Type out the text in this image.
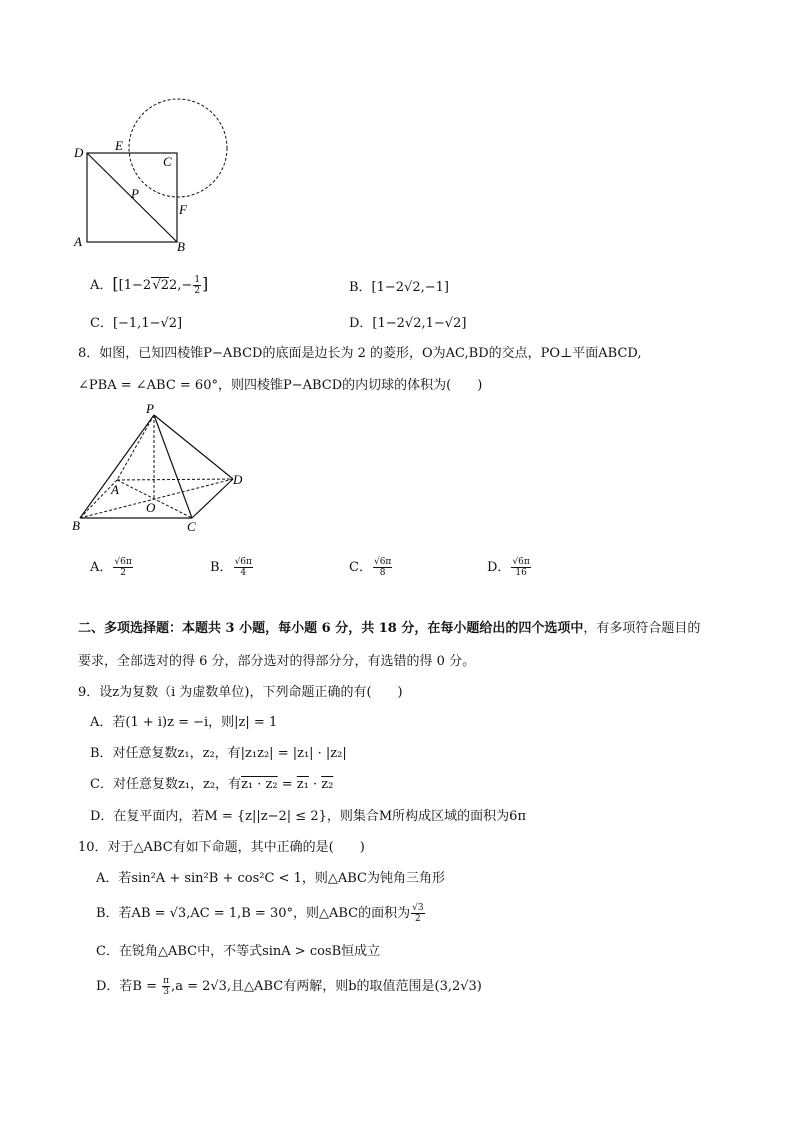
D E
C
P
F
A	B
A．[[1−2 $√22,- \frac{1}{2}$ ]	B．[1−2√2,−1]
C．[−1,1−√2]	D．[1−2√2,1−√2]
8．如图，已知四棱锥P−ABCD的底面是边长为 2 的菱形，O为AC,BD的交点，PO⊥平面ABCD,
∠PBA = ∠ABC = 60°，则四棱锥P−ABCD的内切球的体积为(　　)
P
A
D
O
B	C
A． $\frac{√6\pi}{2}$	B． $\frac{√6\pi}{4}$	C． $\frac{√6\pi}{8}$	D． $\frac{√6\pi}{16}$
二、多项选择题：本题共 3 小题，每小题 6 分，共 18 分，在每小题给出的四个选项中，有多项符合题目的
要求，全部选对的得 6 分，部分选对的得部分分，有选错的得 0 分。
9．设z为复数（i 为虚数单位)，下列命题正确的有(　　)
A．若(1 + i)z = −i，则|z| = 1
B．对任意复数z₁，z₂，有|z₁z₂| = |z₁| · |z₂|
C．对任意复数z₁，z₂，有z₁ · z₂ = z₁ · z₂
D．在复平面内，若M = {z||z−2| ≤ 2}，则集合M所构成区域的面积为6π
10．对于△ABC有如下命题，其中正确的是(　　)
A．若sin²A + sin²B + cos²C < 1，则△ABC为钝角三角形
B．若AB = √3,AC = 1,B = 30°，则△ABC的面积为 $\frac{√3}{2}$
C．在锐角△ABC中，不等式sinA > cosB恒成立
D．若$B = \frac{\pi}{3} ,a = 2√3$,且△ABC有两解，则b的取值范围是(3,2√3)
